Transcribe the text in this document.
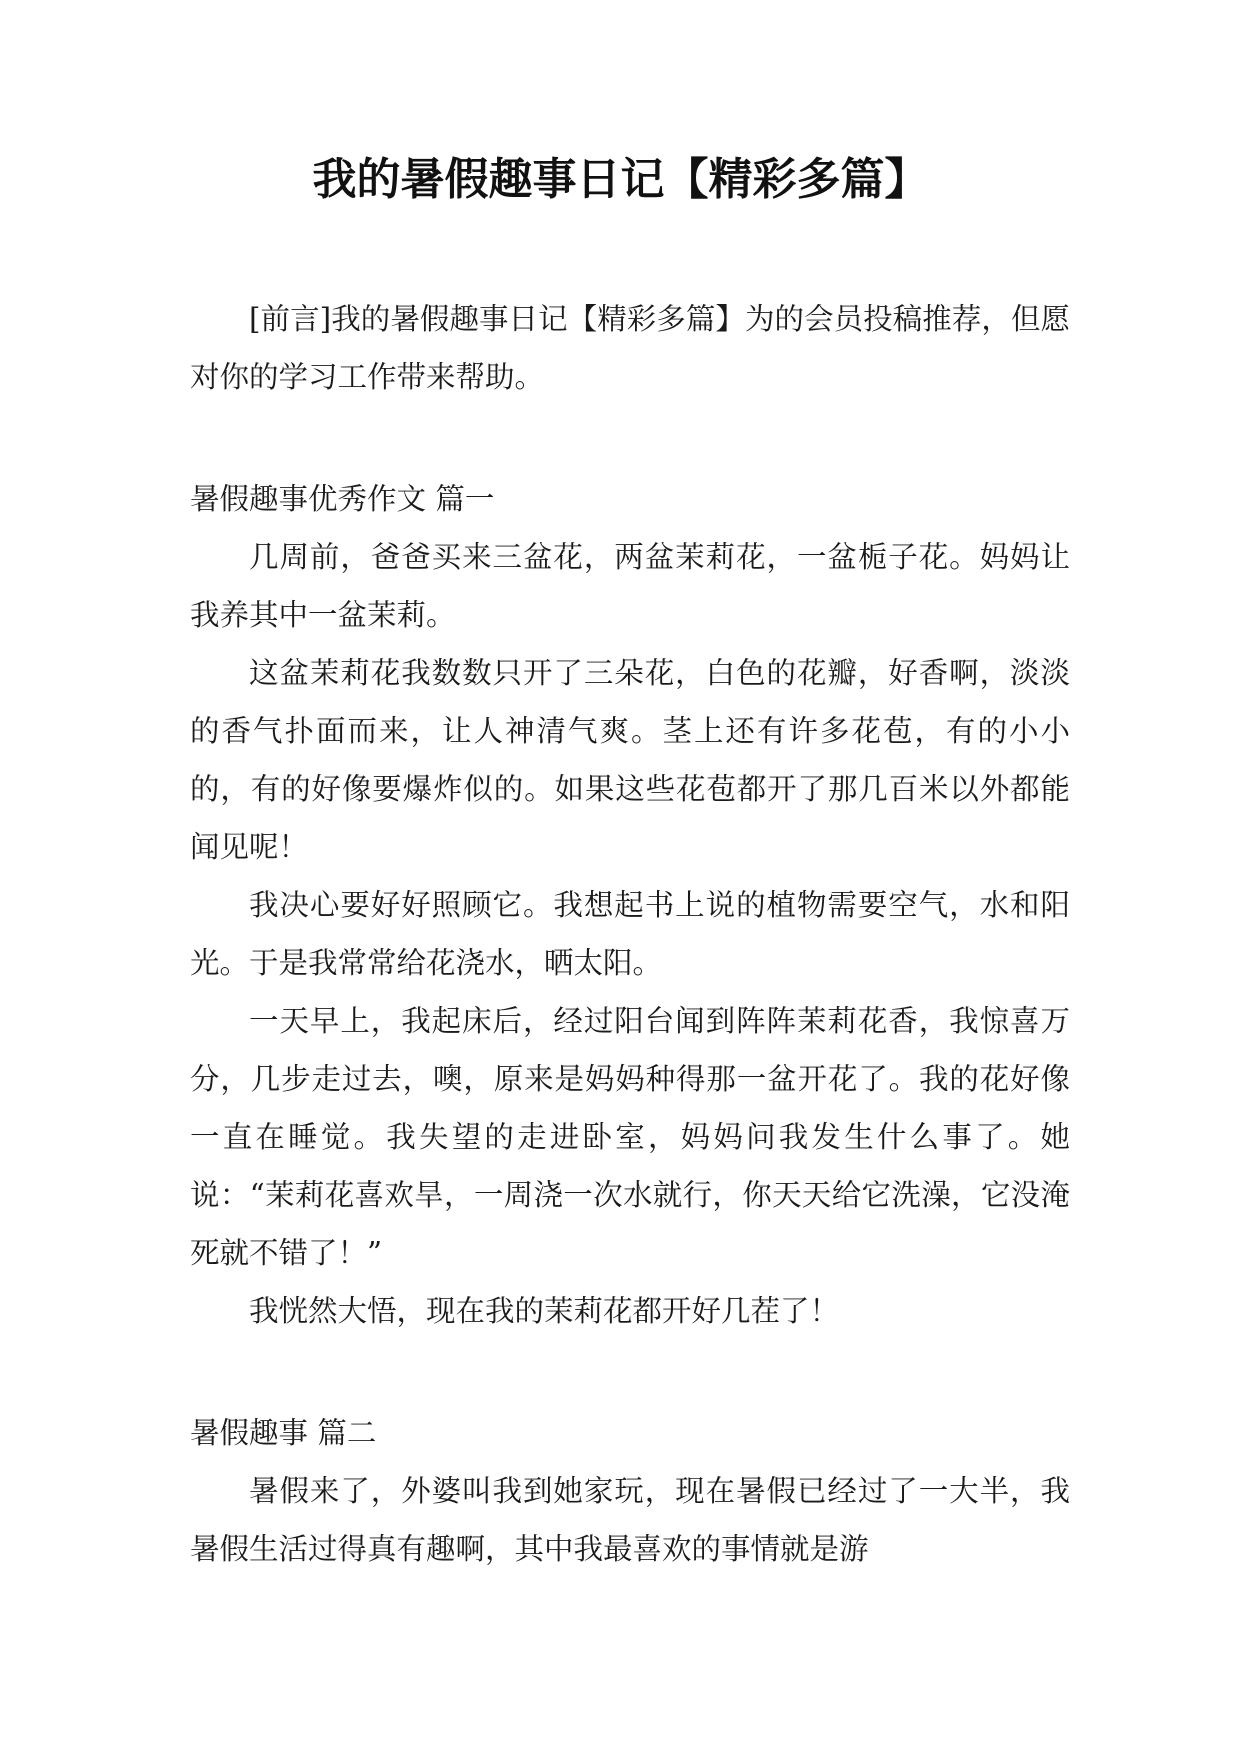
我的暑假趣事日记【精彩多篇】

[前言]我的暑假趣事日记【精彩多篇】为的会员投稿推荐，但愿对你的学习工作带来帮助。

暑假趣事优秀作文 篇一

几周前，爸爸买来三盆花，两盆茉莉花，一盆栀子花。妈妈让我养其中一盆茉莉。

这盆茉莉花我数数只开了三朵花，白色的花瓣，好香啊，淡淡的香气扑面而来，让人神清气爽。茎上还有许多花苞，有的小小的，有的好像要爆炸似的。如果这些花苞都开了那几百米以外都能闻见呢！

我决心要好好照顾它。我想起书上说的植物需要空气，水和阳光。于是我常常给花浇水，晒太阳。

一天早上，我起床后，经过阳台闻到阵阵茉莉花香，我惊喜万分，几步走过去，噢，原来是妈妈种得那一盆开花了。我的花好像一直在睡觉。我失望的走进卧室，妈妈问我发生什么事了。她说：“茉莉花喜欢旱，一周浇一次水就行，你天天给它洗澡，它没淹死就不错了！”

我恍然大悟，现在我的茉莉花都开好几茬了！

暑假趣事 篇二

暑假来了，外婆叫我到她家玩，现在暑假已经过了一大半，我暑假生活过得真有趣啊，其中我最喜欢的事情就是游
